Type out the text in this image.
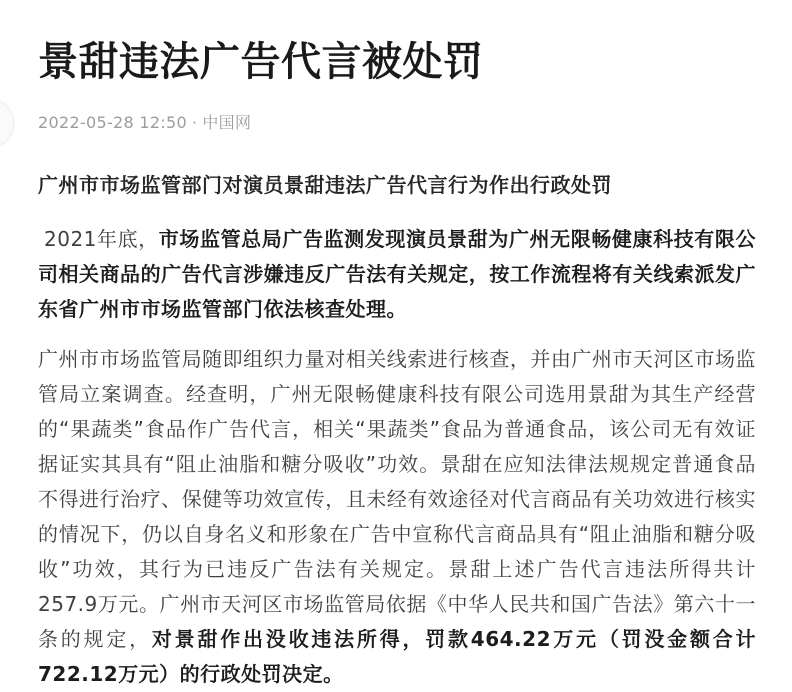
景甜违法广告代言被处罚
2022-05-28 12:50 · 中国网
广州市市场监管部门对演员景甜违法广告代言行为作出行政处罚

2021年底，市场监管总局广告监测发现演员景甜为广州无限畅健康科技有限公司相关商品的广告代言涉嫌违反广告法有关规定，按工作流程将有关线索派发广东省广州市市场监管部门依法核查处理。

广州市市场监管局随即组织力量对相关线索进行核查，并由广州市天河区市场监管局立案调查。经查明，广州无限畅健康科技有限公司选用景甜为其生产经营的“果蔬类”食品作广告代言，相关“果蔬类”食品为普通食品，该公司无有效证据证实其具有“阻止油脂和糖分吸收”功效。景甜在应知法律法规规定普通食品不得进行治疗、保健等功效宣传，且未经有效途径对代言商品有关功效进行核实的情况下，仍以自身名义和形象在广告中宣称代言商品具有“阻止油脂和糖分吸收”功效，其行为已违反广告法有关规定。景甜上述广告代言违法所得共计257.9万元。广州市天河区市场监管局依据《中华人民共和国广告法》第六十一条的规定，对景甜作出没收违法所得，罚款464.22万元（罚没金额合计722.12万元）的行政处罚决定。
